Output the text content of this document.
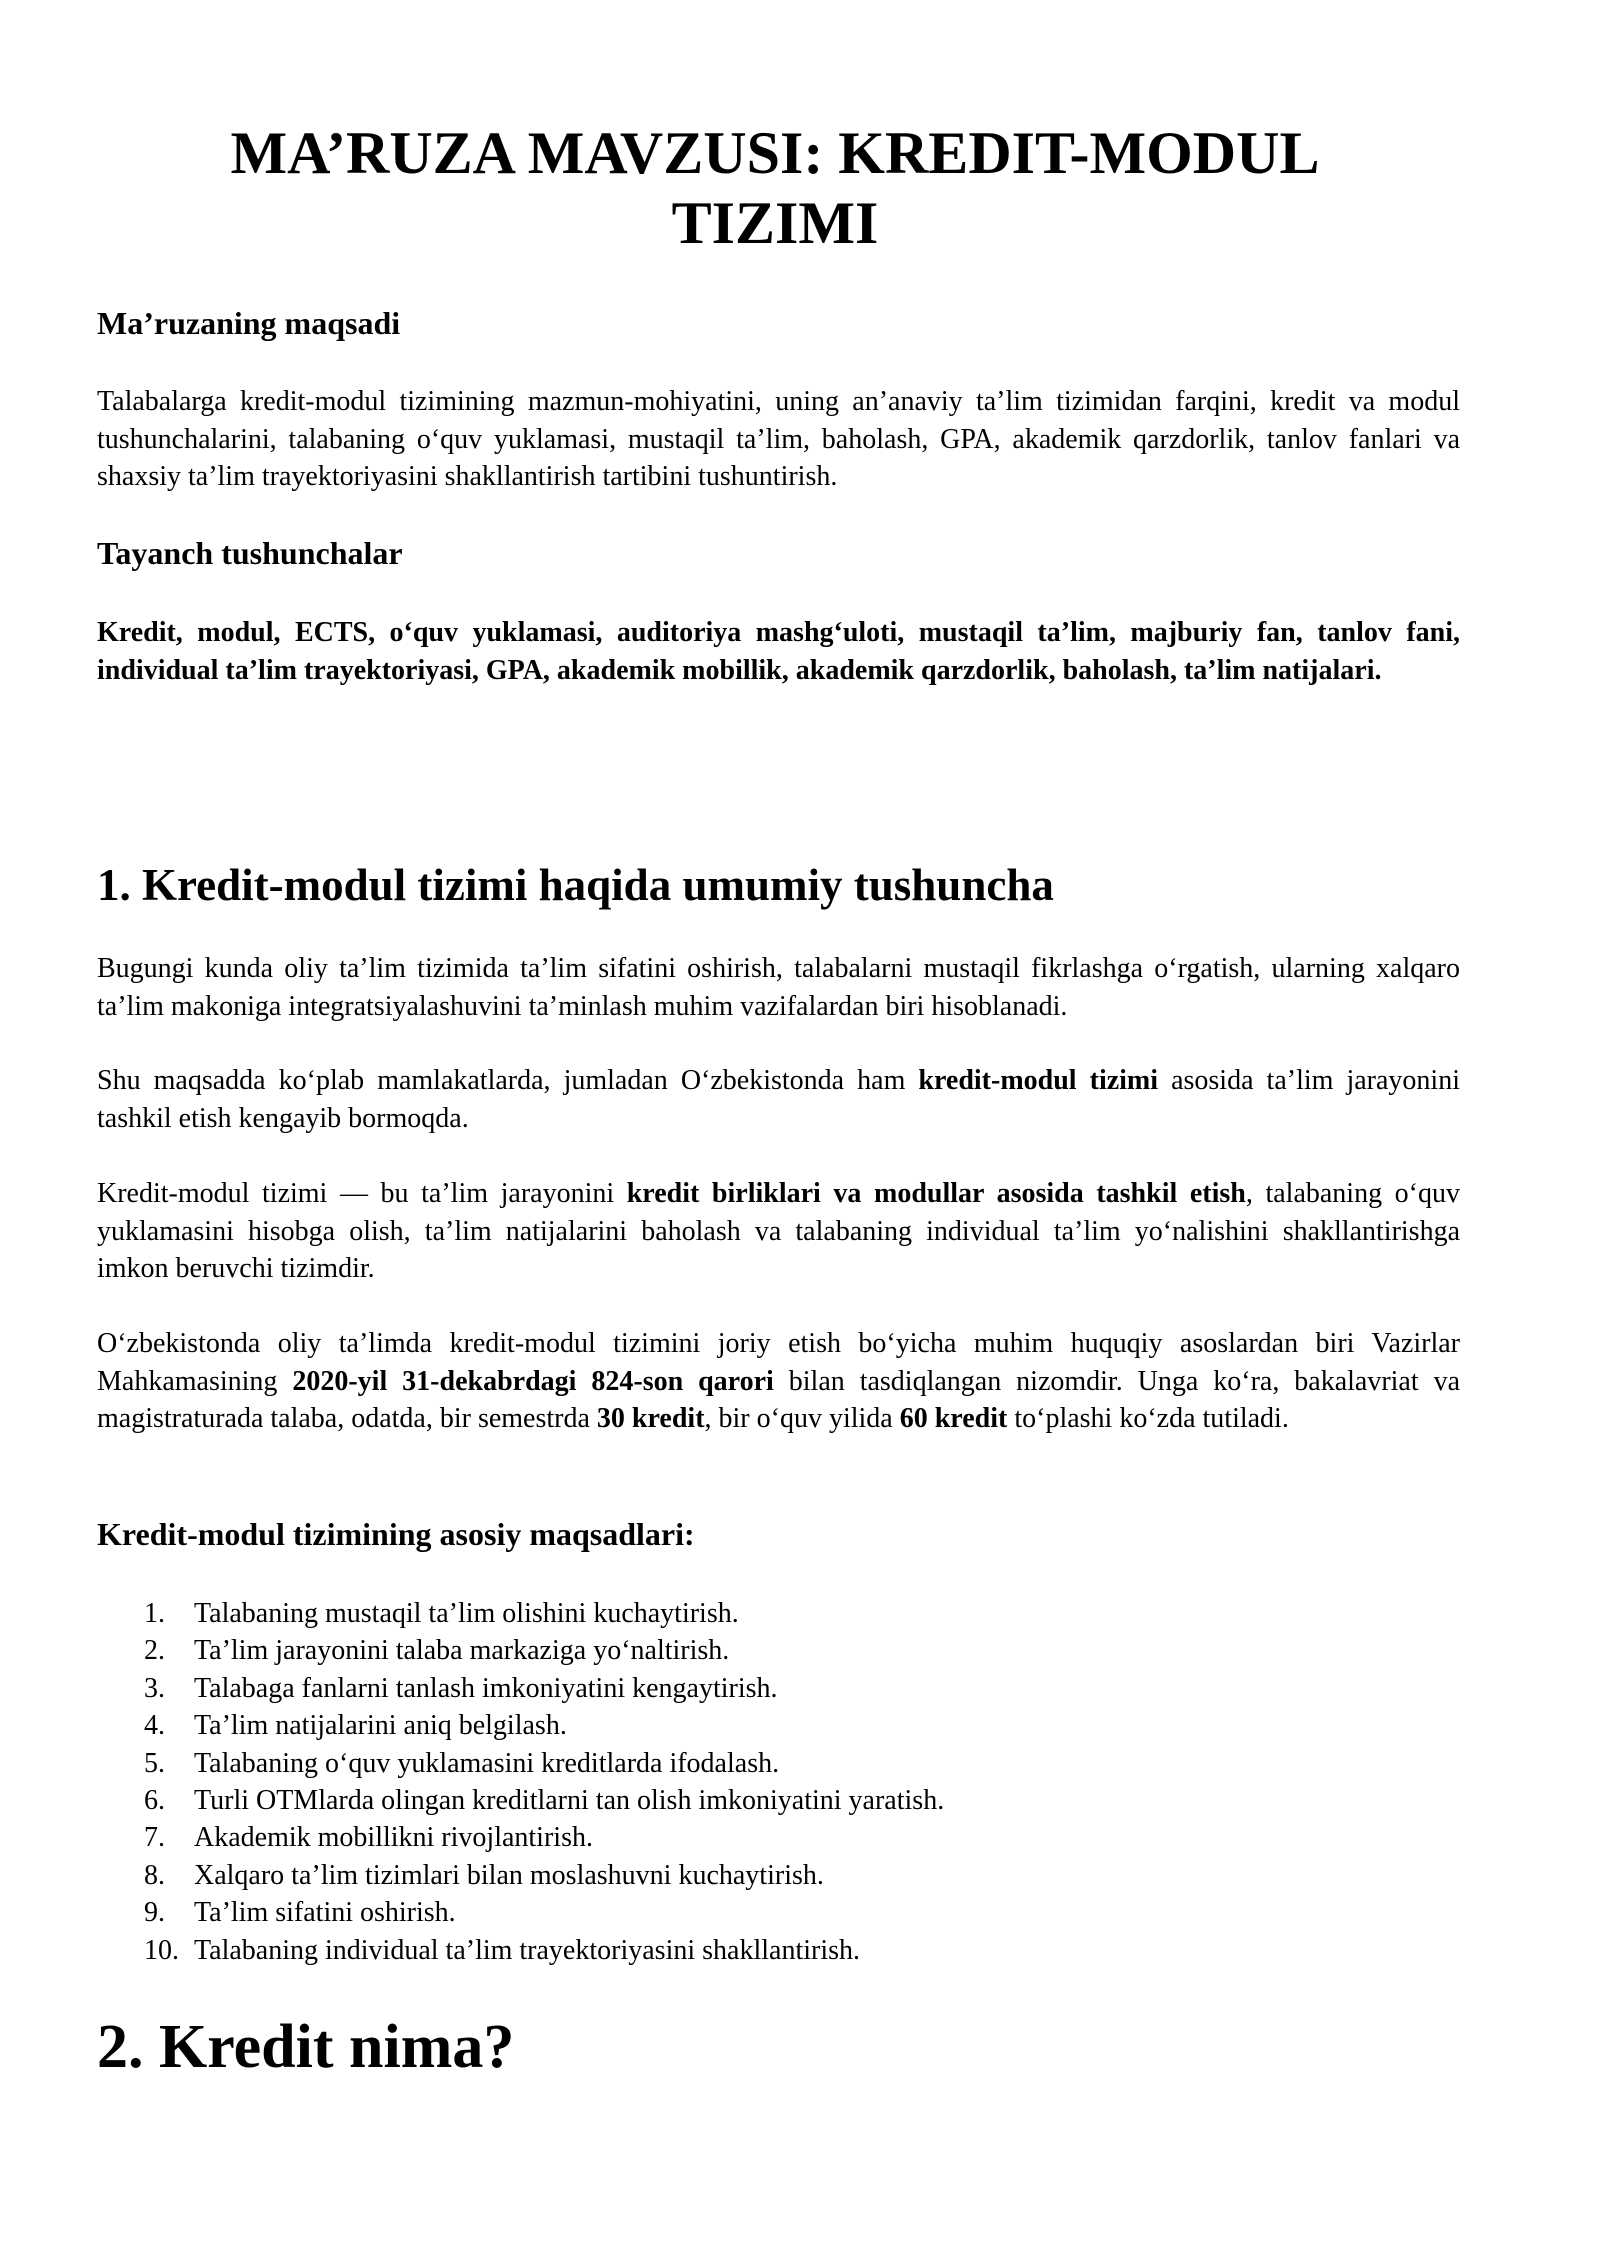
MA’RUZA MAVZUSI: KREDIT-MODUL
TIZIMI
Ma’ruzaning maqsadi

Talabalarga kredit-modul tizimining mazmun-mohiyatini, uning an’anaviy ta’lim tizimidan farqini, kredit va modul tushunchalarini, talabaning o‘quv yuklamasi, mustaqil ta’lim, baholash, GPA, akademik qarzdorlik, tanlov fanlari va shaxsiy ta’lim trayektoriyasini shakllantirish tartibini tushuntirish.

Tayanch tushunchalar

Kredit, modul, ECTS, o‘quv yuklamasi, auditoriya mashg‘uloti, mustaqil ta’lim, majburiy fan, tanlov fani, individual ta’lim trayektoriyasi, GPA, akademik mobillik, akademik qarzdorlik, baholash, ta’lim natijalari.

1. Kredit-modul tizimi haqida umumiy tushuncha

Bugungi kunda oliy ta’lim tizimida ta’lim sifatini oshirish, talabalarni mustaqil fikrlashga o‘rgatish, ularning xalqaro ta’lim makoniga integratsiyalashuvini ta’minlash muhim vazifalardan biri hisoblanadi.

Shu maqsadda ko‘plab mamlakatlarda, jumladan O‘zbekistonda ham kredit-modul tizimi asosida ta’lim jarayonini tashkil etish kengayib bormoqda.

Kredit-modul tizimi — bu ta’lim jarayonini kredit birliklari va modullar asosida tashkil etish, talabaning o‘quv yuklamasini hisobga olish, ta’lim natijalarini baholash va talabaning individual ta’lim yo‘nalishini shakllantirishga imkon beruvchi tizimdir.

O‘zbekistonda oliy ta’limda kredit-modul tizimini joriy etish bo‘yicha muhim huquqiy asoslardan biri Vazirlar Mahkamasining 2020-yil 31-dekabrdagi 824-son qarori bilan tasdiqlangan nizomdir. Unga ko‘ra, bakalavriat va magistraturada talaba, odatda, bir semestrda 30 kredit, bir o‘quv yilida 60 kredit to‘plashi ko‘zda tutiladi.

Kredit-modul tizimining asosiy maqsadlari:
1. Talabaning mustaqil ta’lim olishini kuchaytirish.
2. Ta’lim jarayonini talaba markaziga yo‘naltirish.
3. Talabaga fanlarni tanlash imkoniyatini kengaytirish.
4. Ta’lim natijalarini aniq belgilash.
5. Talabaning o‘quv yuklamasini kreditlarda ifodalash.
6. Turli OTMlarda olingan kreditlarni tan olish imkoniyatini yaratish.
7. Akademik mobillikni rivojlantirish.
8. Xalqaro ta’lim tizimlari bilan moslashuvni kuchaytirish.
9. Ta’lim sifatini oshirish.
10. Talabaning individual ta’lim trayektoriyasini shakllantirish.
2. Kredit nima?
